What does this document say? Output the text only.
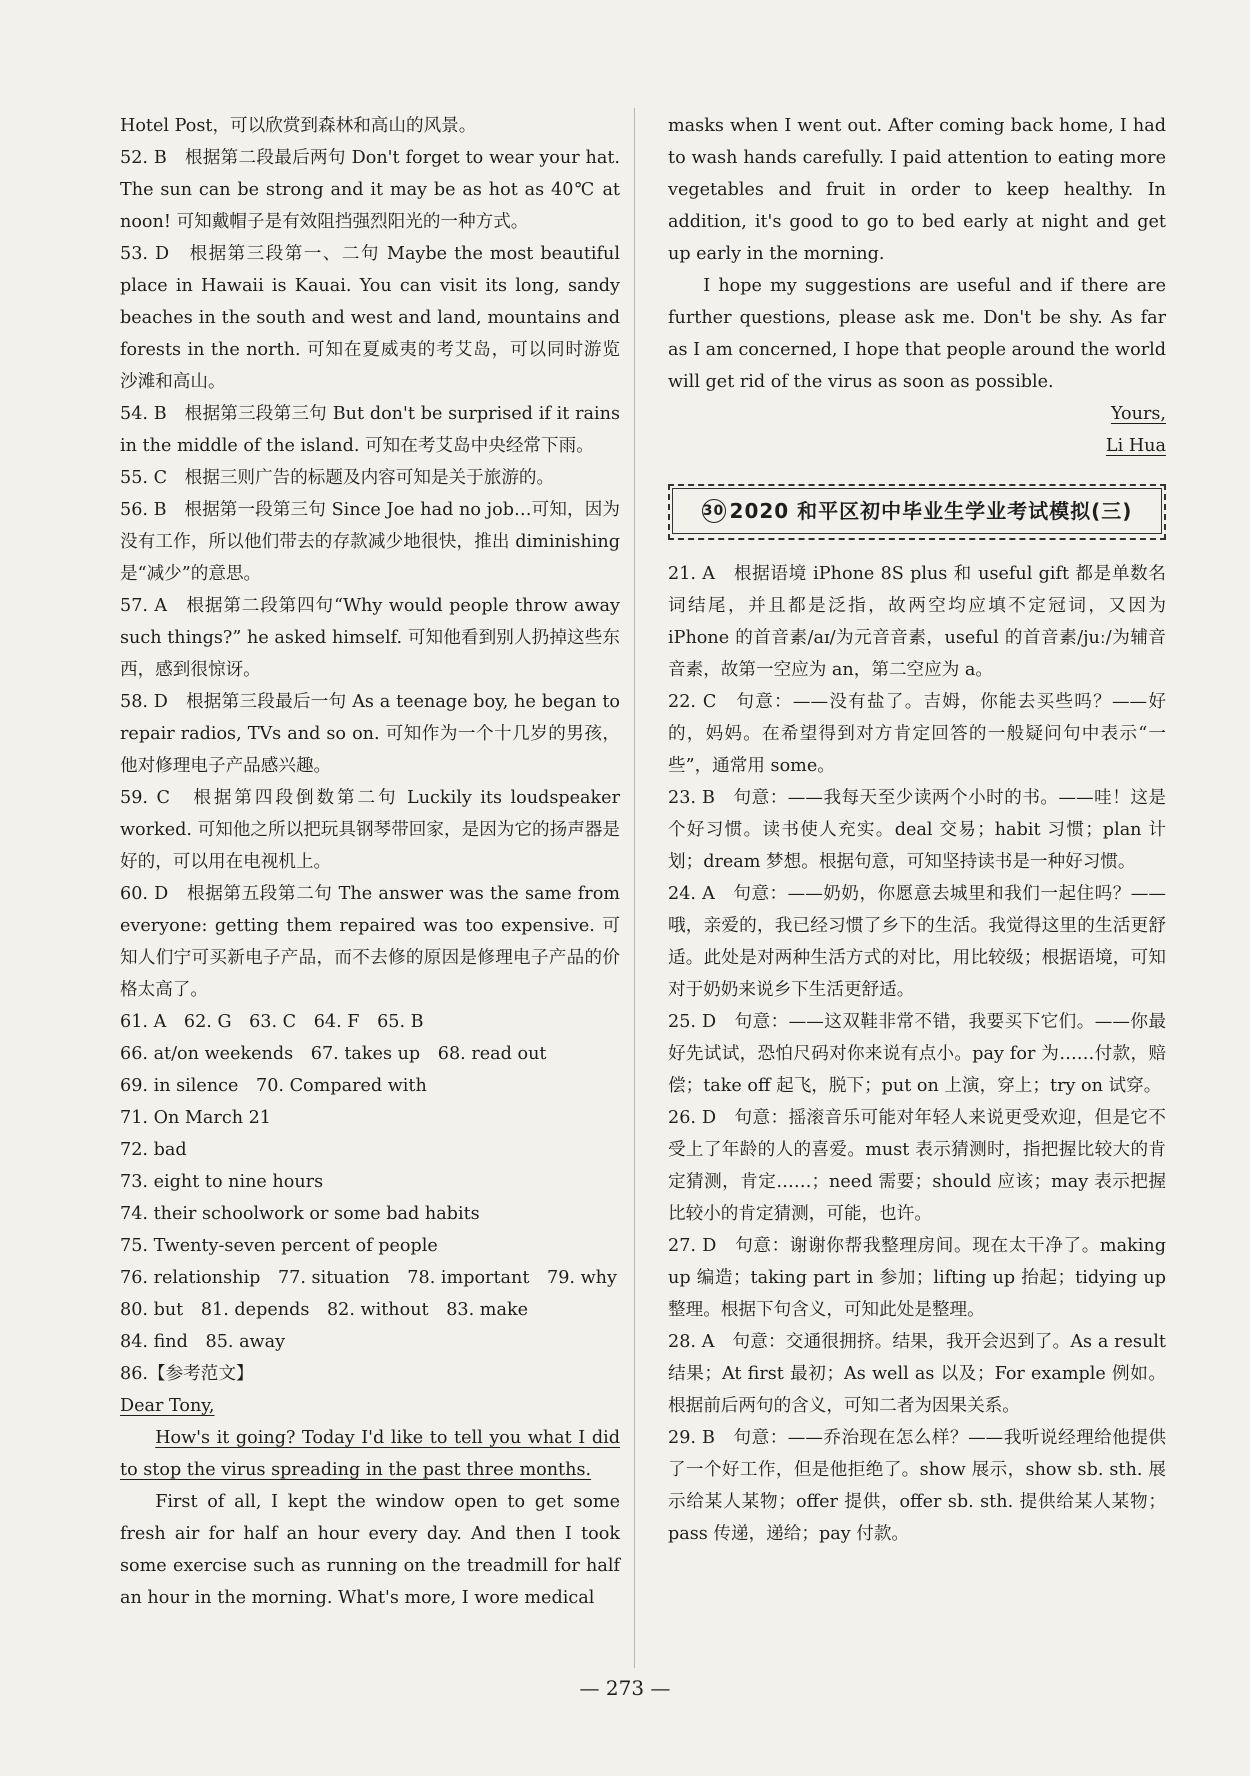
Hotel Post，可以欣赏到森林和高山的风景。

52. B　根据第二段最后两句 Don't forget to wear your hat. The sun can be strong and it may be as hot as 40℃ at noon! 可知戴帽子是有效阻挡强烈阳光的一种方式。

53. D　根据第三段第一、二句 Maybe the most beautiful place in Hawaii is Kauai. You can visit its long, sandy beaches in the south and west and land, mountains and forests in the north. 可知在夏威夷的考艾岛，可以同时游览沙滩和高山。

54. B　根据第三段第三句 But don't be surprised if it rains in the middle of the island. 可知在考艾岛中央经常下雨。

55. C　根据三则广告的标题及内容可知是关于旅游的。

56. B　根据第一段第三句 Since Joe had no job…可知，因为没有工作，所以他们带去的存款减少地很快，推出 diminishing 是“减少”的意思。

57. A　根据第二段第四句“Why would people throw away such things?” he asked himself. 可知他看到别人扔掉这些东西，感到很惊讶。

58. D　根据第三段最后一句 As a teenage boy, he began to repair radios, TVs and so on. 可知作为一个十几岁的男孩，他对修理电子产品感兴趣。

59. C　根据第四段倒数第二句 Luckily its loudspeaker worked. 可知他之所以把玩具钢琴带回家，是因为它的扬声器是好的，可以用在电视机上。

60. D　根据第五段第二句 The answer was the same from everyone: getting them repaired was too expensive. 可知人们宁可买新电子产品，而不去修的原因是修理电子产品的价格太高了。

61. A　62. G　63. C　64. F　65. B

66. at/on weekends　67. takes up　68. read out

69. in silence　70. Compared with

71. On March 21

72. bad

73. eight to nine hours

74. their schoolwork or some bad habits

75. Twenty-seven percent of people

76. relationship　77. situation　78. important　79. why

80. but　81. depends　82. without　83. make

84. find　85. away

86.【参考范文】

Dear Tony,

How's it going? Today I'd like to tell you what I did to stop the virus spreading in the past three months.

First of all, I kept the window open to get some fresh air for half an hour every day. And then I took some exercise such as running on the treadmill for half an hour in the morning. What's more, I wore medical

masks when I went out. After coming back home, I had to wash hands carefully. I paid attention to eating more vegetables and fruit in order to keep healthy. In addition, it's good to go to bed early at night and get up early in the morning.

I hope my suggestions are useful and if there are further questions, please ask me. Don't be shy. As far as I am concerned, I hope that people around the world will get rid of the virus as soon as possible.

Yours,

Li Hua

30 2020 和平区初中毕业生学业考试模拟(三)

21. A　根据语境 iPhone 8S plus 和 useful gift 都是单数名词结尾，并且都是泛指，故两空均应填不定冠词，又因为 iPhone 的首音素/aɪ/为元音音素，useful 的首音素/juː/为辅音音素，故第一空应为 an，第二空应为 a。

22. C　句意：——没有盐了。吉姆，你能去买些吗？——好的，妈妈。在希望得到对方肯定回答的一般疑问句中表示“一些”，通常用 some。

23. B　句意：——我每天至少读两个小时的书。——哇！这是个好习惯。读书使人充实。deal 交易；habit 习惯；plan 计划；dream 梦想。根据句意，可知坚持读书是一种好习惯。

24. A　句意：——奶奶，你愿意去城里和我们一起住吗？——哦，亲爱的，我已经习惯了乡下的生活。我觉得这里的生活更舒适。此处是对两种生活方式的对比，用比较级；根据语境，可知对于奶奶来说乡下生活更舒适。

25. D　句意：——这双鞋非常不错，我要买下它们。——你最好先试试，恐怕尺码对你来说有点小。pay for 为……付款，赔偿；take off 起飞，脱下；put on 上演，穿上；try on 试穿。

26. D　句意：摇滚音乐可能对年轻人来说更受欢迎，但是它不受上了年龄的人的喜爱。must 表示猜测时，指把握比较大的肯定猜测，肯定……；need 需要；should 应该；may 表示把握比较小的肯定猜测，可能，也许。

27. D　句意：谢谢你帮我整理房间。现在太干净了。making up 编造；taking part in 参加；lifting up 抬起；tidying up 整理。根据下句含义，可知此处是整理。

28. A　句意：交通很拥挤。结果，我开会迟到了。As a result 结果；At first 最初；As well as 以及；For example 例如。根据前后两句的含义，可知二者为因果关系。

29. B　句意：——乔治现在怎么样？——我听说经理给他提供了一个好工作，但是他拒绝了。show 展示，show sb. sth. 展示给某人某物；offer 提供，offer sb. sth. 提供给某人某物；pass 传递，递给；pay 付款。

— 273 —
